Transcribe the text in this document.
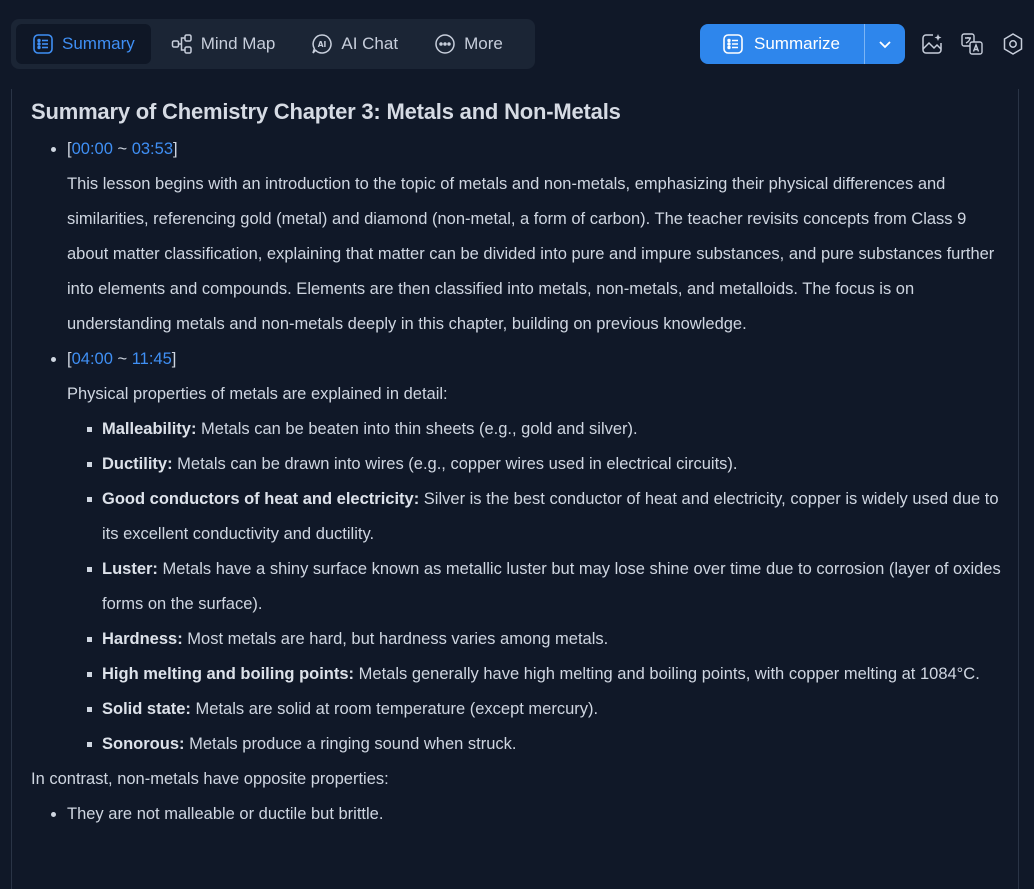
Summary	Mind Map	AI AI Chat	More	Summarize
Summary of Chemistry Chapter 3: Metals and Non-Metals
[00:00 ~ 03:53]

This lesson begins with an introduction to the topic of metals and non-metals, emphasizing their physical differences and similarities, referencing gold (metal) and diamond (non-metal, a form of carbon). The teacher revisits concepts from Class 9 about matter classification, explaining that matter can be divided into pure and impure substances, and pure substances further into elements and compounds. Elements are then classified into metals, non-metals, and metalloids. The focus is on understanding metals and non-metals deeply in this chapter, building on previous knowledge.

[04:00 ~ 11:45]

Physical properties of metals are explained in detail:

Malleability: Metals can be beaten into thin sheets (e.g., gold and silver).
Ductility: Metals can be drawn into wires (e.g., copper wires used in electrical circuits).
Good conductors of heat and electricity: Silver is the best conductor of heat and electricity, copper is widely used due to its excellent conductivity and ductility.
Luster: Metals have a shiny surface known as metallic luster but may lose shine over time due to corrosion (layer of oxides forms on the surface).
Hardness: Most metals are hard, but hardness varies among metals.
High melting and boiling points: Metals generally have high melting and boiling points, with copper melting at 1084°C.
Solid state: Metals are solid at room temperature (except mercury).
Sonorous: Metals produce a ringing sound when struck.

In contrast, non-metals have opposite properties:

They are not malleable or ductile but brittle.
